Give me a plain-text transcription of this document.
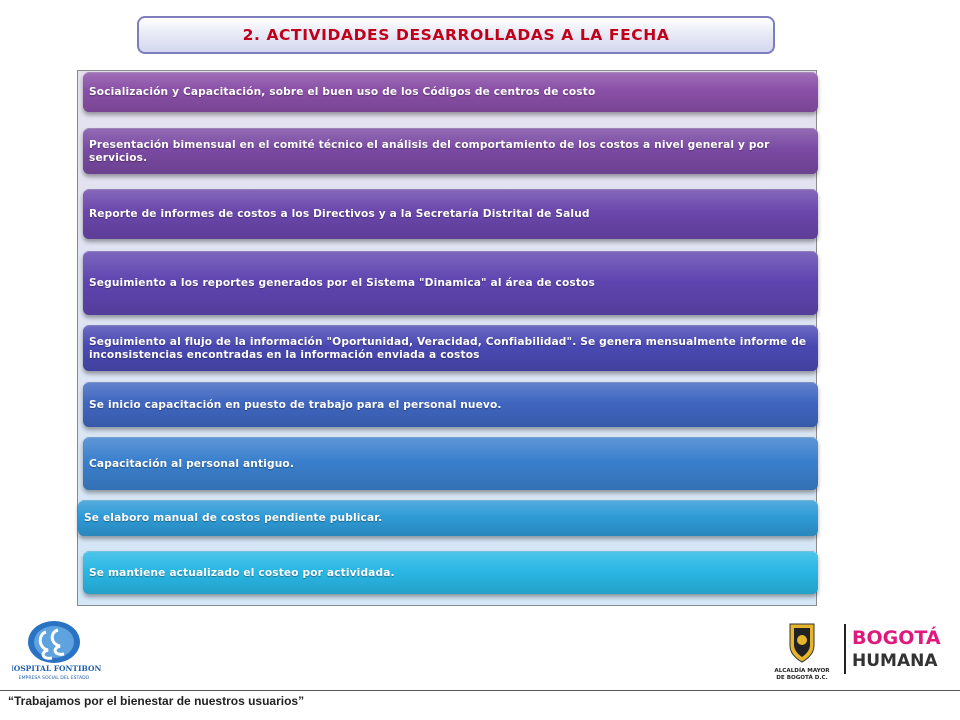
2. ACTIVIDADES DESARROLLADAS A LA FECHA
Socialización y Capacitación, sobre el buen uso de los Códigos de centros de costo
Presentación bimensual en el comité técnico el análisis del comportamiento de los costos a nivel general y por servicios.
Reporte de informes de costos a los Directivos y a la Secretaría Distrital de Salud
Seguimiento a los reportes generados por el Sistema "Dinamica" al área de costos
Seguimiento al flujo de la información "Oportunidad, Veracidad, Confiabilidad". Se genera mensualmente informe de inconsistencias encontradas en la información enviada a costos
Se inicio capacitación en puesto de trabajo para el personal nuevo.
Capacitación al personal antiguo.
Se elaboro manual de costos pendiente publicar.
Se mantiene actualizado el costeo por actividada.
HOSPITAL FONTIBON
EMPRESA SOCIAL DEL ESTADO
ALCALDÍA MAYOR
DE BOGOTÁ D.C.
BOGOTÁ
HUMANA
“Trabajamos por el bienestar de nuestros usuarios”
